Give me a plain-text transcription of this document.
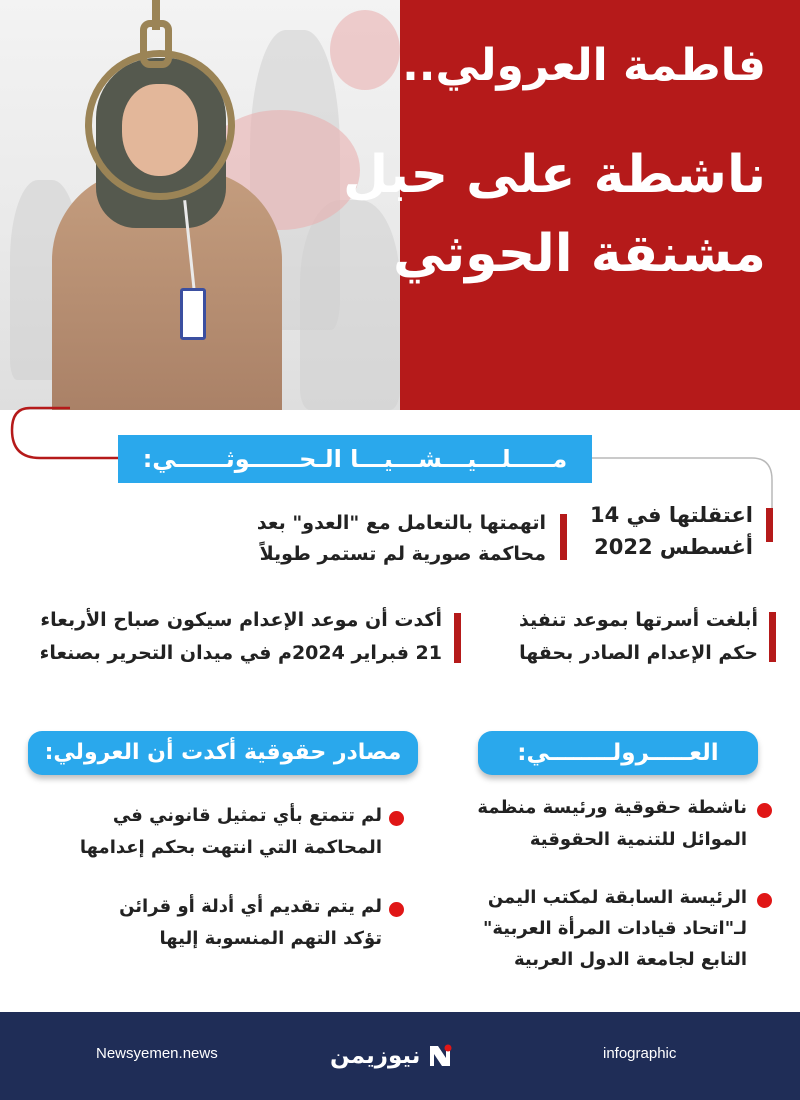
فاطمة العرولي..
ناشطة على حبل
مشنقة الحوثي
مـــــلـــيـــشـــيـــا الـحــــــوثــــــي:
اعتقلتها في 14
أغسطس 2022
اتهمتها بالتعامل مع "العدو" بعد
محاكمة صورية لم تستمر طويلاً
أبلغت أسرتها بموعد تنفيذ
حكم الإعدام الصادر بحقها
أكدت أن موعد الإعدام سيكون صباح الأربعاء
21 فبراير 2024م في ميدان التحرير بصنعاء
العـــــرولــــــــي:
مصادر حقوقية أكدت أن العرولي:
ناشطة حقوقية ورئيسة منظمة
الموائل للتنمية الحقوقية
الرئيسة السابقة لمكتب اليمن
لـ"اتحاد قيادات المرأة العربية"
التابع لجامعة الدول العربية
لم تتمتع بأي تمثيل قانوني في
المحاكمة التي انتهت بحكم إعدامها
لم يتم تقديم أي أدلة أو قرائن
تؤكد التهم المنسوبة إليها
Newsyemen.news	نيوزيمن	infographic
